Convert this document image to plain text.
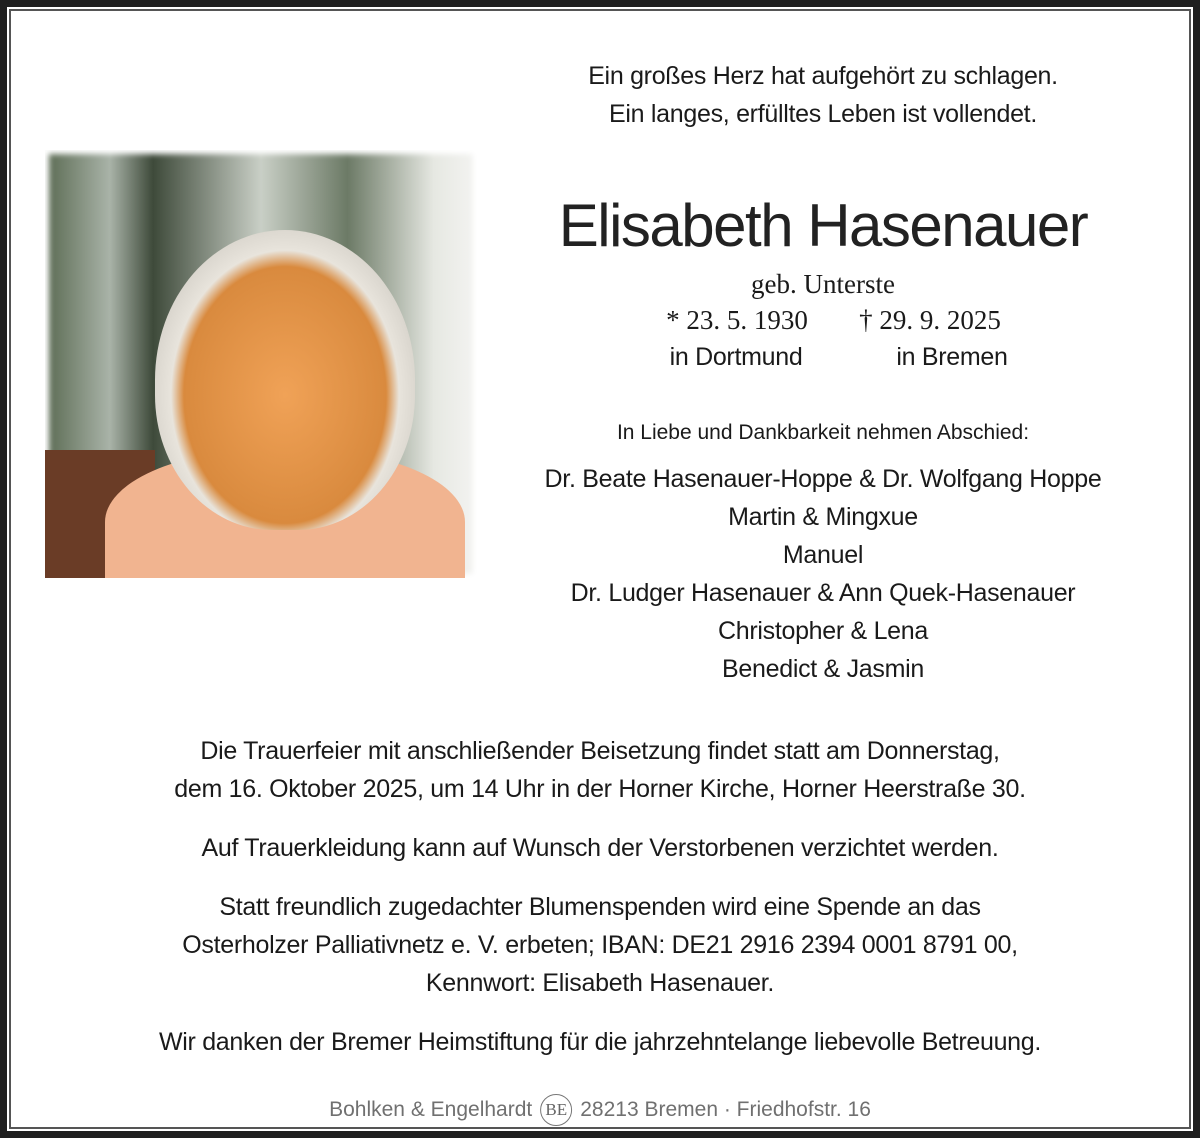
Ein großes Herz hat aufgehört zu schlagen.
Ein langes, erfülltes Leben ist vollendet.
Elisabeth Hasenauer
geb. Unterste
* 23. 5. 1930 † 29. 9. 2025
in Dortmund	in Bremen
In Liebe und Dankbarkeit nehmen Abschied:
Dr. Beate Hasenauer-Hoppe & Dr. Wolfgang Hoppe
Martin & Mingxue
Manuel
Dr. Ludger Hasenauer & Ann Quek-Hasenauer
Christopher & Lena
Benedict & Jasmin
Die Trauerfeier mit anschließender Beisetzung findet statt am Donnerstag,
dem 16. Oktober 2025, um 14 Uhr in der Horner Kirche, Horner Heerstraße 30.
Auf Trauerkleidung kann auf Wunsch der Verstorbenen verzichtet werden.
Statt freundlich zugedachter Blumenspenden wird eine Spende an das
Osterholzer Palliativnetz e. V. erbeten; IBAN: DE21 2916 2394 0001 8791 00,
Kennwort: Elisabeth Hasenauer.
Wir danken der Bremer Heimstiftung für die jahrzehntelange liebevolle Betreuung.
Bohlken & Engelhardt BE 28213 Bremen · Friedhofstr. 16
